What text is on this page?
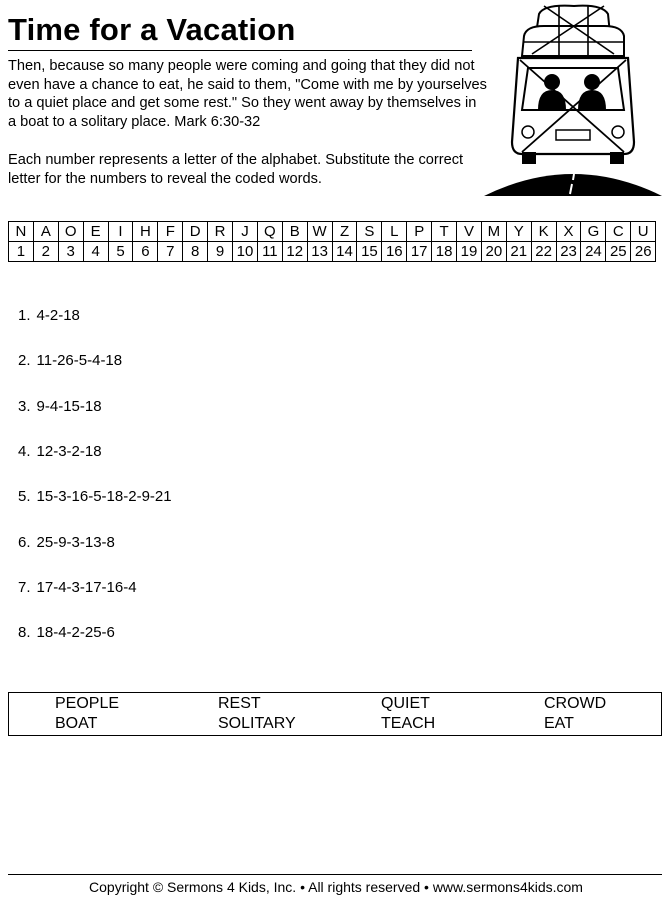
Time for a Vacation
Then, because so many people were coming and going that they did not even have a chance to eat, he said to them, "Come with me by yourselves to a quiet place and get some rest." So they went away by themselves in a boat to a solitary place. Mark 6:30-32
Each number represents a letter of the alphabet. Substitute the correct letter for the numbers to reveal the coded words.
N	A	O	E	I	H	F	D	R	J	Q	B	W	Z	S	L	P	T	V	M	Y	K	X	G	C	U
1	2	3	4	5	6	7	8	9	10	11	12	13	14	15	16	17	18	19	20	21	22	23	24	25	26
1. 4-2-18
2. 11-26-5-4-18
3. 9-4-15-18
4. 12-3-2-18
5. 15-3-16-5-18-2-9-21
6. 25-9-3-13-8
7. 17-4-3-17-16-4
8. 18-4-2-25-6
PEOPLE	REST	QUIET	CROWD
BOAT	SOLITARY	TEACH	EAT
Copyright © Sermons 4 Kids, Inc. • All rights reserved • www.sermons4kids.com
